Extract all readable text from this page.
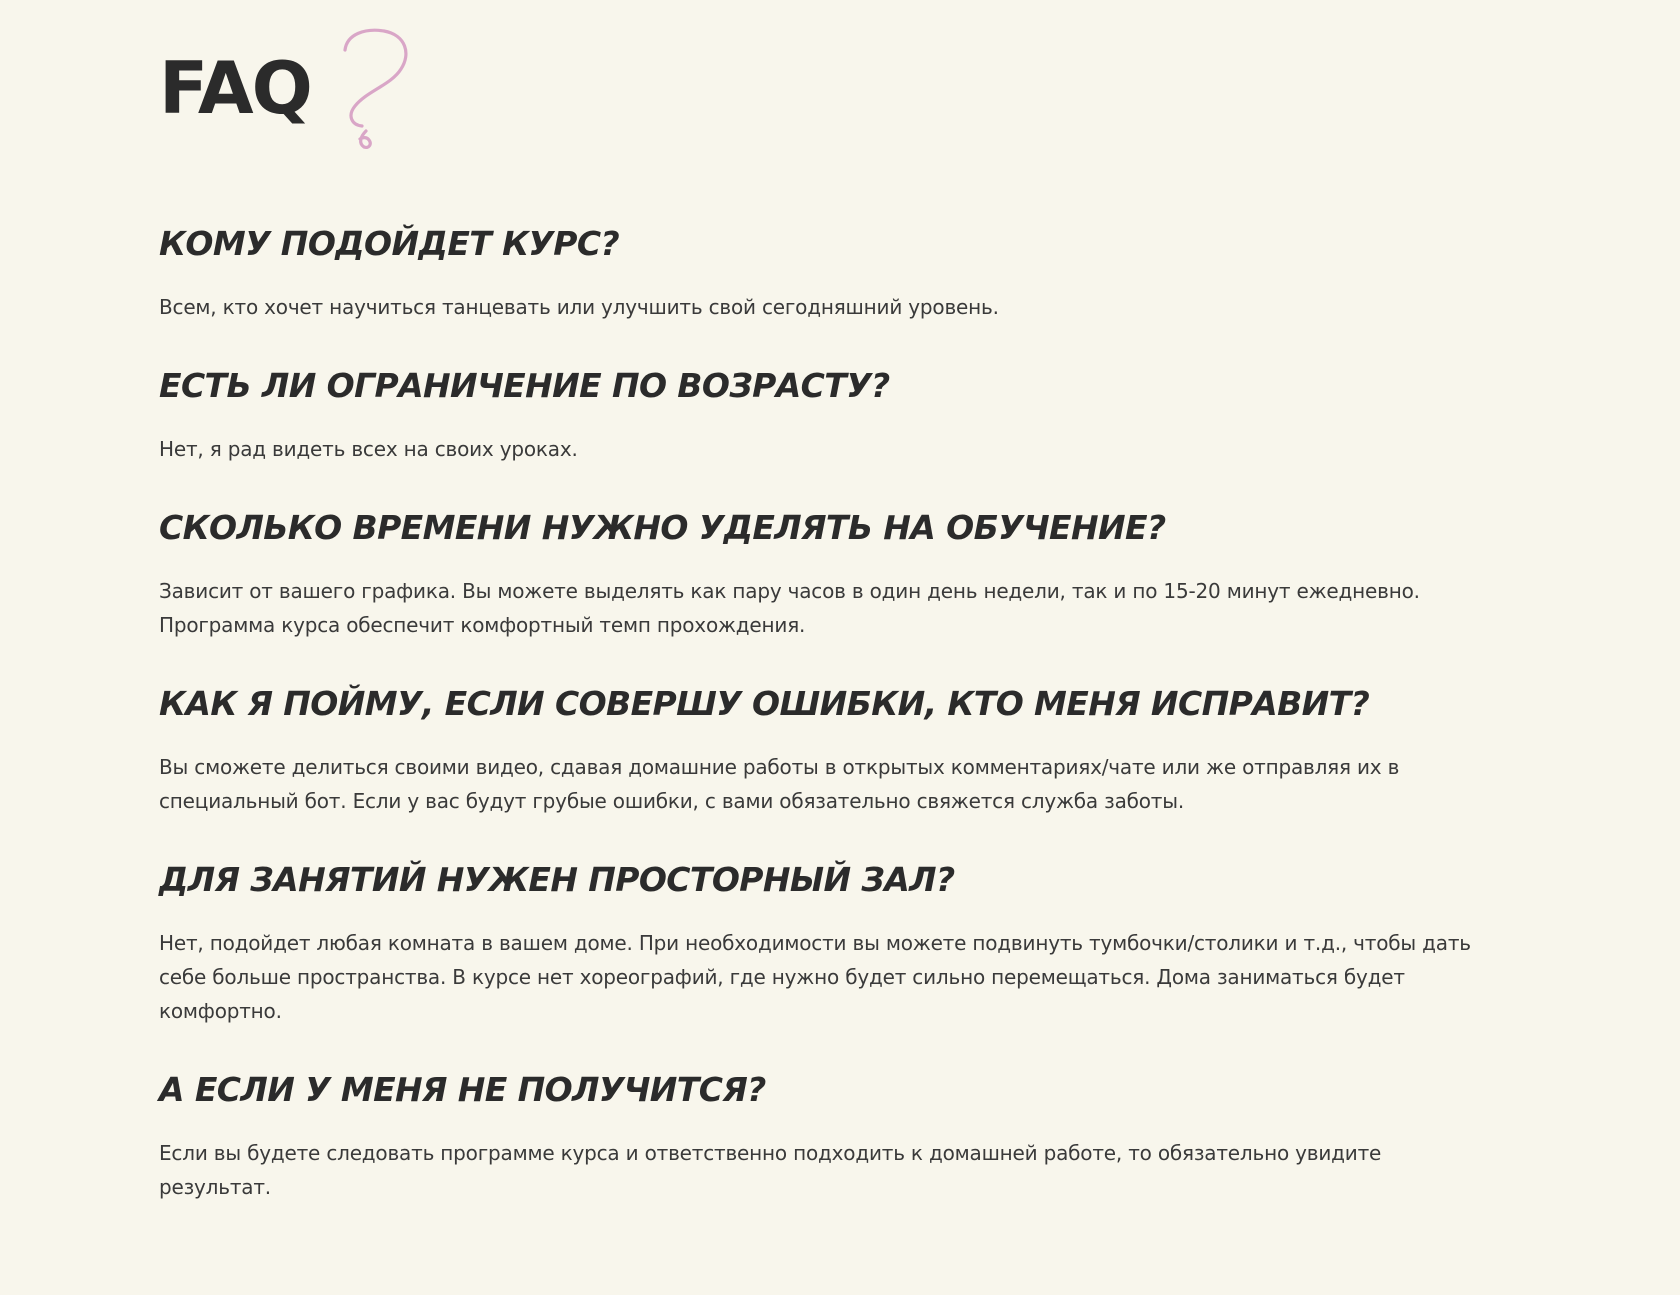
FAQ
КОМУ ПОДОЙДЕТ КУРС?

Всем, кто хочет научиться танцевать или улучшить свой сегодняшний уровень.

ЕСТЬ ЛИ ОГРАНИЧЕНИЕ ПО ВОЗРАСТУ?

Нет, я рад видеть всех на своих уроках.

СКОЛЬКО ВРЕМЕНИ НУЖНО УДЕЛЯТЬ НА ОБУЧЕНИЕ?

Зависит от вашего графика. Вы можете выделять как пару часов в один день недели, так и по 15-20 минут ежедневно. Программа курса обеспечит комфортный темп прохождения.

КАК Я ПОЙМУ, ЕСЛИ СОВЕРШУ ОШИБКИ, КТО МЕНЯ ИСПРАВИТ?

Вы сможете делиться своими видео, сдавая домашние работы в открытых комментариях/чате или же отправляя их в специальный бот. Если у вас будут грубые ошибки, с вами обязательно свяжется служба заботы.

ДЛЯ ЗАНЯТИЙ НУЖЕН ПРОСТОРНЫЙ ЗАЛ?

Нет, подойдет любая комната в вашем доме. При необходимости вы можете подвинуть тумбочки/столики и т.д., чтобы дать себе больше пространства. В курсе нет хореографий, где нужно будет сильно перемещаться. Дома заниматься будет комфортно.

А ЕСЛИ У МЕНЯ НЕ ПОЛУЧИТСЯ?

Если вы будете следовать программе курса и ответственно подходить к домашней работе, то обязательно увидите результат.
